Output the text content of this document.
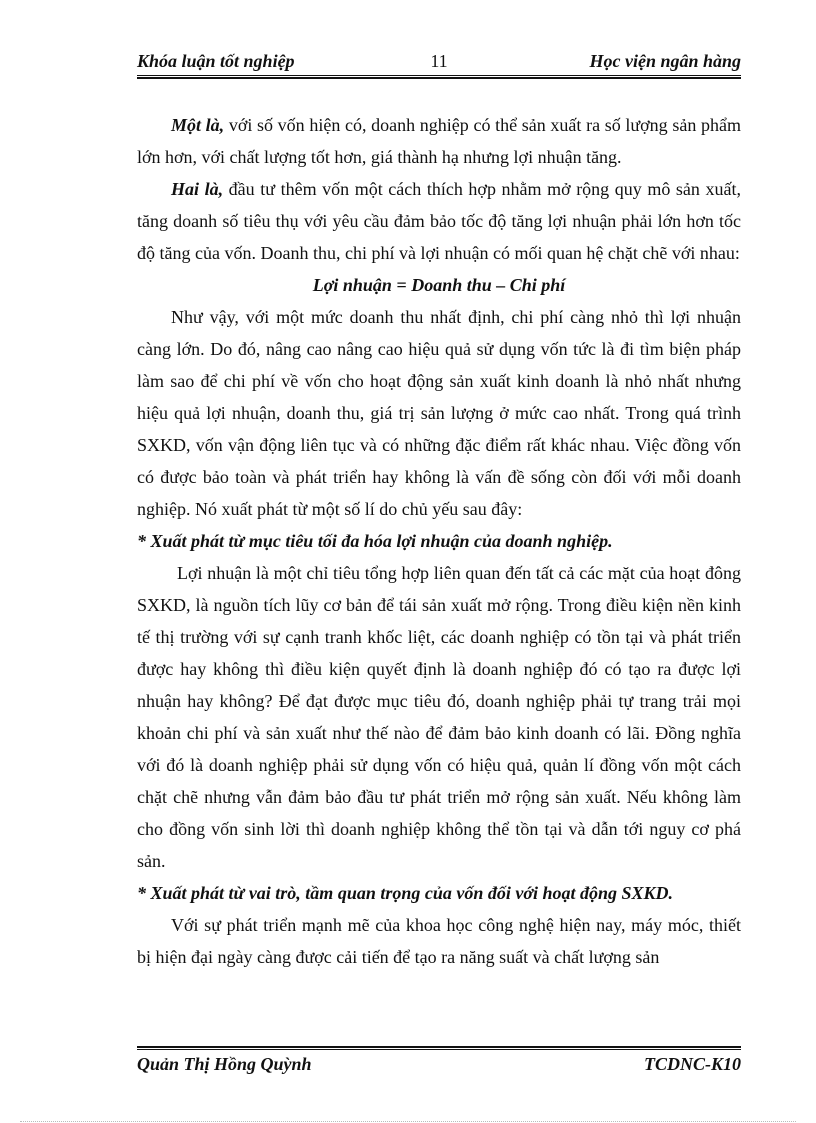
Khóa luận tốt nghiệp	11	Học viện ngân hàng

Một là, với số vốn hiện có, doanh nghiệp có thể sản xuất ra số lượng sản phẩm lớn hơn, với chất lượng tốt hơn, giá thành hạ nhưng lợi nhuận tăng.

Hai là, đầu tư thêm vốn một cách thích hợp nhằm mở rộng quy mô sản xuất, tăng doanh số tiêu thụ với yêu cầu đảm bảo tốc độ tăng lợi nhuận phải lớn hơn tốc độ tăng của vốn. Doanh thu, chi phí và lợi nhuận có mối quan hệ chặt chẽ với nhau:

Lợi nhuận = Doanh thu – Chi phí

Như vậy, với một mức doanh thu nhất định, chi phí càng nhỏ thì lợi nhuận càng lớn. Do đó, nâng cao nâng cao hiệu quả sử dụng vốn tức là đi tìm biện pháp làm sao để chi phí về vốn cho hoạt động sản xuất kinh doanh là nhỏ nhất nhưng hiệu quả lợi nhuận, doanh thu, giá trị sản lượng ở mức cao nhất. Trong quá trình SXKD, vốn vận động liên tục và có những đặc điểm rất khác nhau. Việc đồng vốn có được bảo toàn và phát triển hay không là vấn đề sống còn đối với mỗi doanh nghiệp. Nó xuất phát từ một số lí do chủ yếu sau đây:

* Xuất phát từ mục tiêu tối đa hóa lợi nhuận của doanh nghiệp.

Lợi nhuận là một chỉ tiêu tổng hợp liên quan đến tất cả các mặt của hoạt đông SXKD, là nguồn tích lũy cơ bản để tái sản xuất mở rộng. Trong điều kiện nền kinh tế thị trường với sự cạnh tranh khốc liệt, các doanh nghiệp có tồn tại và phát triển được hay không thì điều kiện quyết định là doanh nghiệp đó có tạo ra được lợi nhuận hay không? Để đạt được mục tiêu đó, doanh nghiệp phải tự trang trải mọi khoản chi phí và sản xuất như thế nào để đảm bảo kinh doanh có lãi. Đồng nghĩa với đó là doanh nghiệp phải sử dụng vốn có hiệu quả, quản lí đồng vốn một cách chặt chẽ nhưng vẫn đảm bảo đầu tư phát triển mở rộng sản xuất. Nếu không làm cho đồng vốn sinh lời thì doanh nghiệp không thể tồn tại và dẫn tới nguy cơ phá sản.

* Xuất phát từ vai trò, tầm quan trọng của vốn đối với hoạt động SXKD.

Với sự phát triển mạnh mẽ của khoa học công nghệ hiện nay, máy móc, thiết bị hiện đại ngày càng được cải tiến để tạo ra năng suất và chất lượng sản

Quản Thị Hồng Quỳnh	TCDNC-K10
